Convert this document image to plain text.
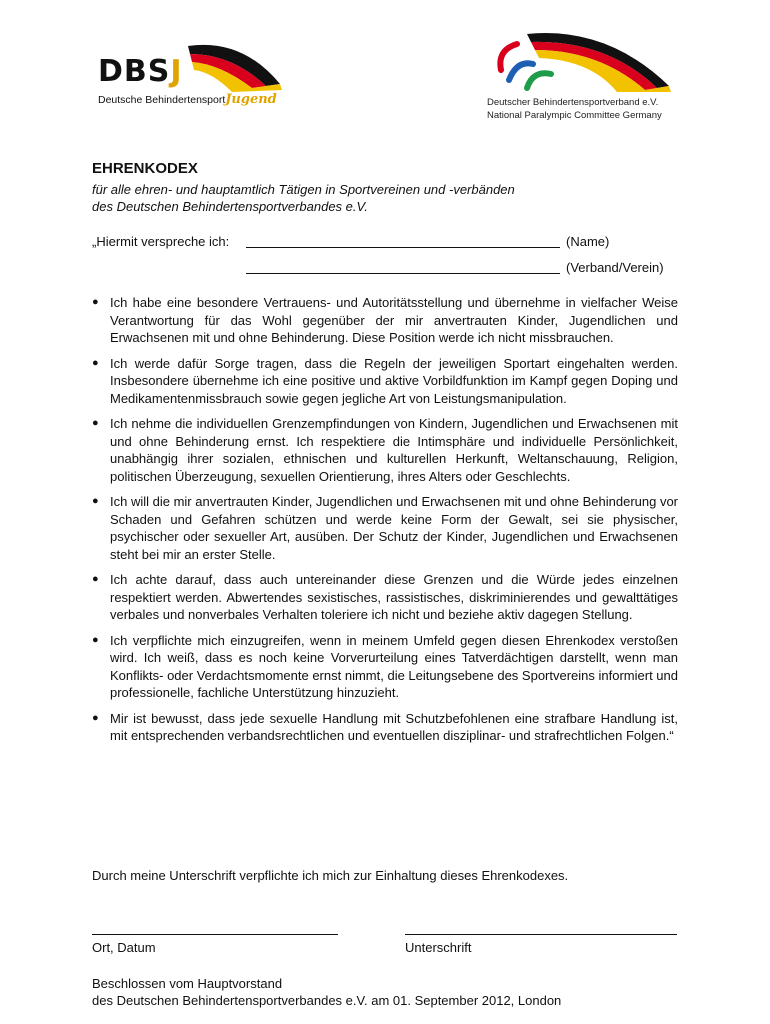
DBSJ
Deutsche BehindertensportJugend	Deutscher Behindertensportverband e.V.
National Paralympic Committee Germany
EHRENKODEX
für alle ehren- und hauptamtlich Tätigen in Sportvereinen und -verbänden
des Deutschen Behindertensportverbandes e.V.
„Hiermit verspreche ich:	(Name)
(Verband/Verein)
● Ich habe eine besondere Vertrauens- und Autoritätsstellung und übernehme in vielfacher Weise Verantwortung für das Wohl gegenüber der mir anvertrauten Kinder, Jugendlichen und Erwachsenen mit und ohne Behinderung. Diese Position werde ich nicht missbrauchen.
● Ich werde dafür Sorge tragen, dass die Regeln der jeweiligen Sportart eingehalten werden. Insbesondere übernehme ich eine positive und aktive Vorbildfunktion im Kampf gegen Doping und Medikamentenmissbrauch sowie gegen jegliche Art von Leistungsmanipulation.
● Ich nehme die individuellen Grenzempfindungen von Kindern, Jugendlichen und Erwachsenen mit und ohne Behinderung ernst. Ich respektiere die Intimsphäre und individuelle Persönlichkeit, unabhängig ihrer sozialen, ethnischen und kulturellen Herkunft, Weltanschauung, Religion, politischen Überzeugung, sexuellen Orientierung, ihres Alters oder Geschlechts.
● Ich will die mir anvertrauten Kinder, Jugendlichen und Erwachsenen mit und ohne Behinderung vor Schaden und Gefahren schützen und werde keine Form der Gewalt, sei sie physischer, psychischer oder sexueller Art, ausüben. Der Schutz der Kinder, Jugendlichen und Erwachsenen steht bei mir an erster Stelle.
● Ich achte darauf, dass auch untereinander diese Grenzen und die Würde jedes einzelnen respektiert werden. Abwertendes sexistisches, rassistisches, diskriminierendes und gewalttätiges verbales und nonverbales Verhalten toleriere ich nicht und beziehe aktiv dagegen Stellung.
● Ich verpflichte mich einzugreifen, wenn in meinem Umfeld gegen diesen Ehrenkodex verstoßen wird. Ich weiß, dass es noch keine Vorverurteilung eines Tatverdächtigen darstellt, wenn man Konflikts- oder Verdachtsmomente ernst nimmt, die Leitungsebene des Sportvereins informiert und professionelle, fachliche Unterstützung hinzuzieht.
● Mir ist bewusst, dass jede sexuelle Handlung mit Schutzbefohlenen eine strafbare Handlung ist, mit entsprechenden verbandsrechtlichen und eventuellen disziplinar- und strafrechtlichen Folgen.“
Durch meine Unterschrift verpflichte ich mich zur Einhaltung dieses Ehrenkodexes.
Ort, Datum	Unterschrift
Beschlossen vom Hauptvorstand
des Deutschen Behindertensportverbandes e.V. am 01. September 2012, London
